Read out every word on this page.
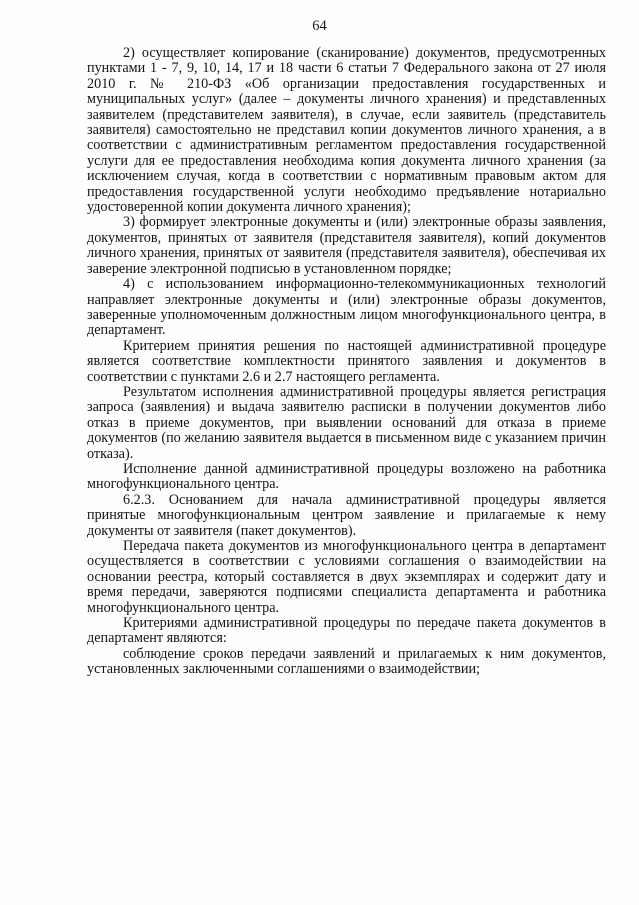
64

2) осуществляет копирование (сканирование) документов, предусмотренных пунктами 1 - 7, 9, 10, 14, 17 и 18 части 6 статьи 7 Федерального закона от 27 июля 2010 г. № 210-ФЗ «Об организации предоставления государственных и муниципальных услуг» (далее – документы личного хранения) и представленных заявителем (представителем заявителя), в случае, если заявитель (представитель заявителя) самостоятельно не представил копии документов личного хранения, а в соответствии с административным регламентом предоставления государственной услуги для ее предоставления необходима копия документа личного хранения (за исключением случая, когда в соответствии с нормативным правовым актом для предоставления государственной услуги необходимо предъявление нотариально удостоверенной копии документа личного хранения);

3) формирует электронные документы и (или) электронные образы заявления, документов, принятых от заявителя (представителя заявителя), копий документов личного хранения, принятых от заявителя (представителя заявителя), обеспечивая их заверение электронной подписью в установленном порядке;

4) с использованием информационно-телекоммуникационных технологий направляет электронные документы и (или) электронные образы документов, заверенные уполномоченным должностным лицом многофункционального центра, в департамент.

Критерием принятия решения по настоящей административной процедуре является соответствие комплектности принятого заявления и документов в соответствии с пунктами 2.6 и 2.7 настоящего регламента.

Результатом исполнения административной процедуры является регистрация запроса (заявления) и выдача заявителю расписки в получении документов либо отказ в приеме документов, при выявлении оснований для отказа в приеме документов (по желанию заявителя выдается в письменном виде с указанием причин отказа).

Исполнение данной административной процедуры возложено на работника многофункционального центра.

6.2.3. Основанием для начала административной процедуры является принятые многофункциональным центром заявление и прилагаемые к нему документы от заявителя (пакет документов).

Передача пакета документов из многофункционального центра в департамент осуществляется в соответствии с условиями соглашения о взаимодействии на основании реестра, который составляется в двух экземплярах и содержит дату и время передачи, заверяются подписями специалиста департамента и работника многофункционального центра.

Критериями административной процедуры по передаче пакета документов в департамент являются:

соблюдение сроков передачи заявлений и прилагаемых к ним документов, установленных заключенными соглашениями о взаимодействии;
